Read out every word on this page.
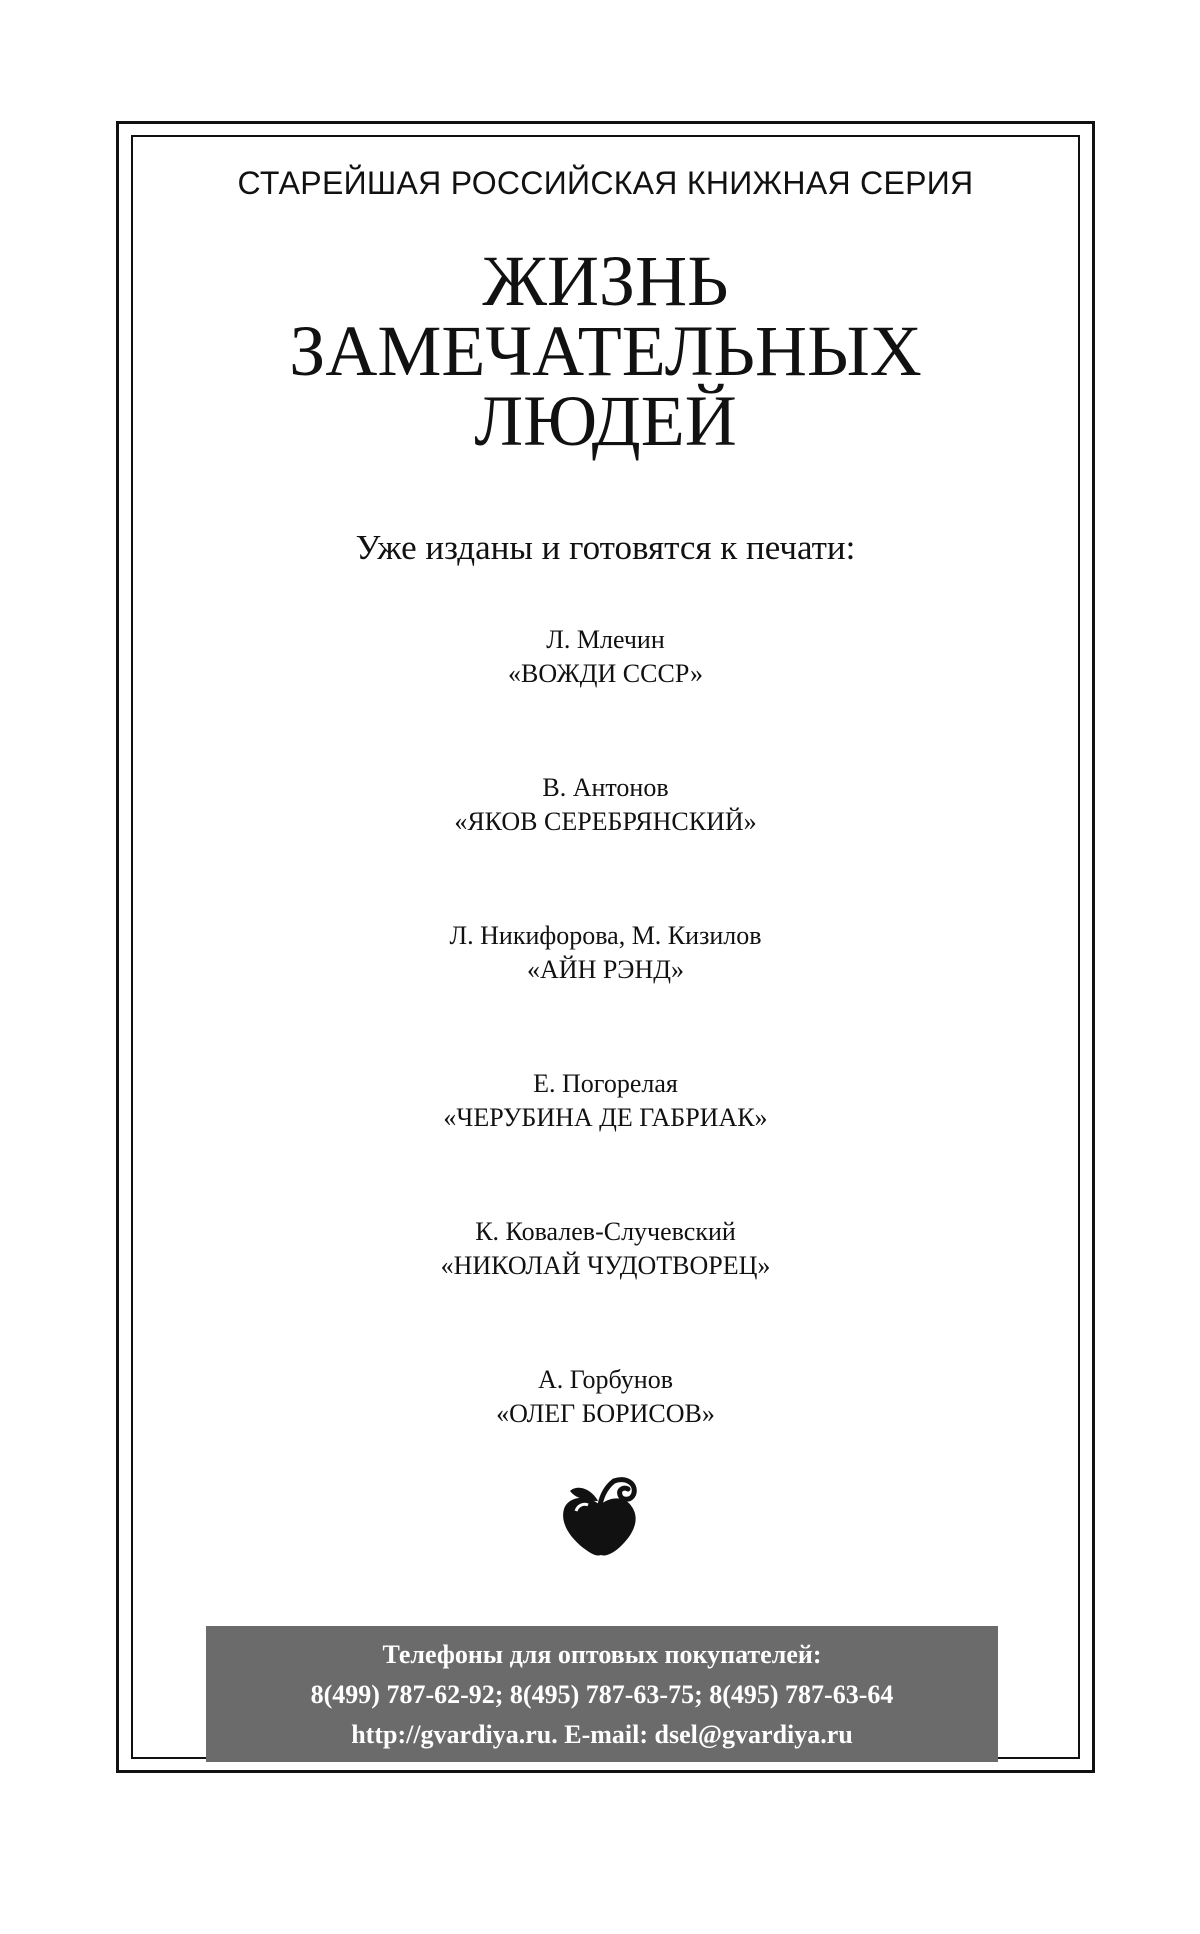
СТАРЕЙШАЯ РОССИЙСКАЯ КНИЖНАЯ СЕРИЯ
ЖИЗНЬ
ЗАМЕЧАТЕЛЬНЫХ
ЛЮДЕЙ
Уже изданы и готовятся к печати:
Л. Млечин
«ВОЖДИ СССР»
В. Антонов
«ЯКОВ СЕРЕБРЯНСКИЙ»
Л. Никифорова, М. Кизилов
«АЙН РЭНД»
Е. Погорелая
«ЧЕРУБИНА ДЕ ГАБРИАК»
К. Ковалев-Случевский
«НИКОЛАЙ ЧУДОТВОРЕЦ»
А. Горбунов
«ОЛЕГ БОРИСОВ»
Телефоны для оптовых покупателей:
8(499) 787-62-92; 8(495) 787-63-75; 8(495) 787-63-64
http://gvardiya.ru. E-mail: dsel@gvardiya.ru
